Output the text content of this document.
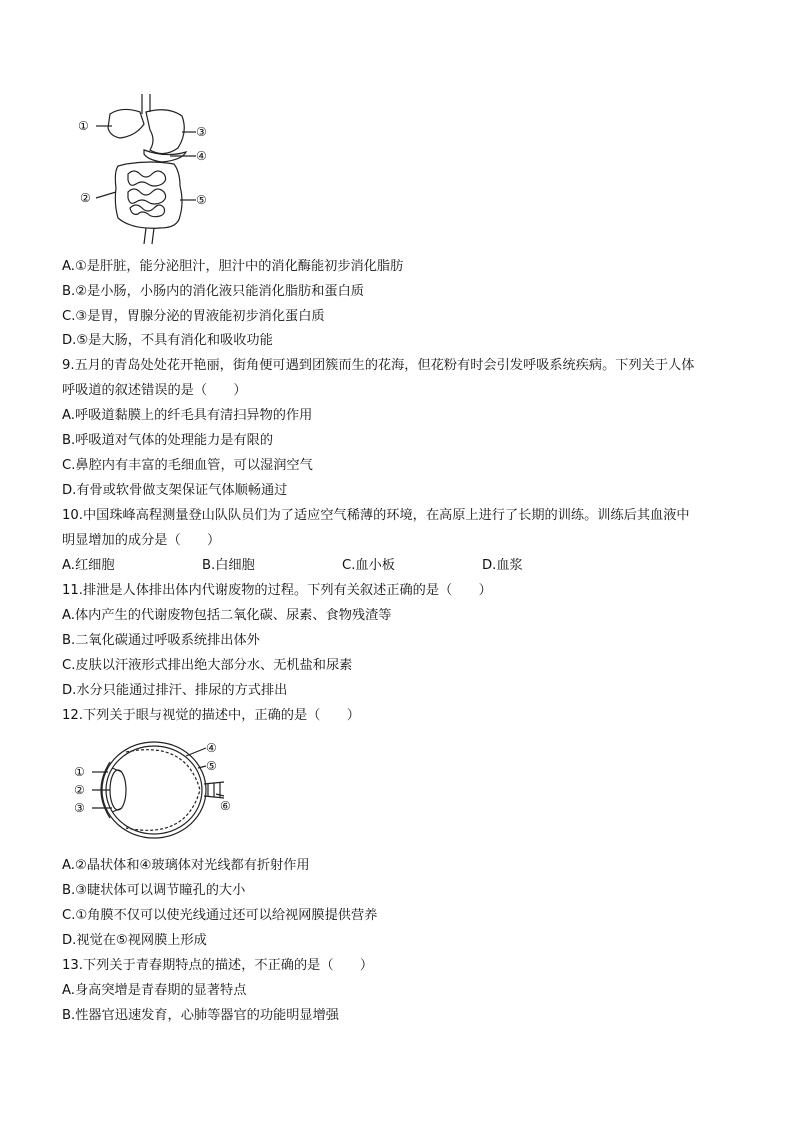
①	③
④
②	⑤
A.①是肝脏，能分泌胆汁，胆汁中的消化酶能初步消化脂肪
B.②是小肠，小肠内的消化液只能消化脂肪和蛋白质
C.③是胃，胃腺分泌的胃液能初步消化蛋白质
D.⑤是大肠，不具有消化和吸收功能
9.五月的青岛处处花开艳丽，街角便可遇到团簇而生的花海，但花粉有时会引发呼吸系统疾病。下列关于人体
呼吸道的叙述错误的是（　　）
A.呼吸道黏膜上的纤毛具有清扫异物的作用
B.呼吸道对气体的处理能力是有限的
C.鼻腔内有丰富的毛细血管，可以湿润空气
D.有骨或软骨做支架保证气体顺畅通过
10.中国珠峰高程测量登山队队员们为了适应空气稀薄的环境，在高原上进行了长期的训练。训练后其血液中
明显增加的成分是（　　）
A.红细胞	B.白细胞	C.血小板	D.血浆
11.排泄是人体排出体内代谢废物的过程。下列有关叙述正确的是（　　）
A.体内产生的代谢废物包括二氧化碳、尿素、食物残渣等
B.二氧化碳通过呼吸系统排出体外
C.皮肤以汗液形式排出绝大部分水、无机盐和尿素
D.水分只能通过排汗、排尿的方式排出
12.下列关于眼与视觉的描述中，正确的是（　　）
①
②
③
④
⑤
⑥
A.②晶状体和④玻璃体对光线都有折射作用
B.③睫状体可以调节瞳孔的大小
C.①角膜不仅可以使光线通过还可以给视网膜提供营养
D.视觉在⑤视网膜上形成
13.下列关于青春期特点的描述，不正确的是（　　）
A.身高突增是青春期的显著特点
B.性器官迅速发育，心肺等器官的功能明显增强
